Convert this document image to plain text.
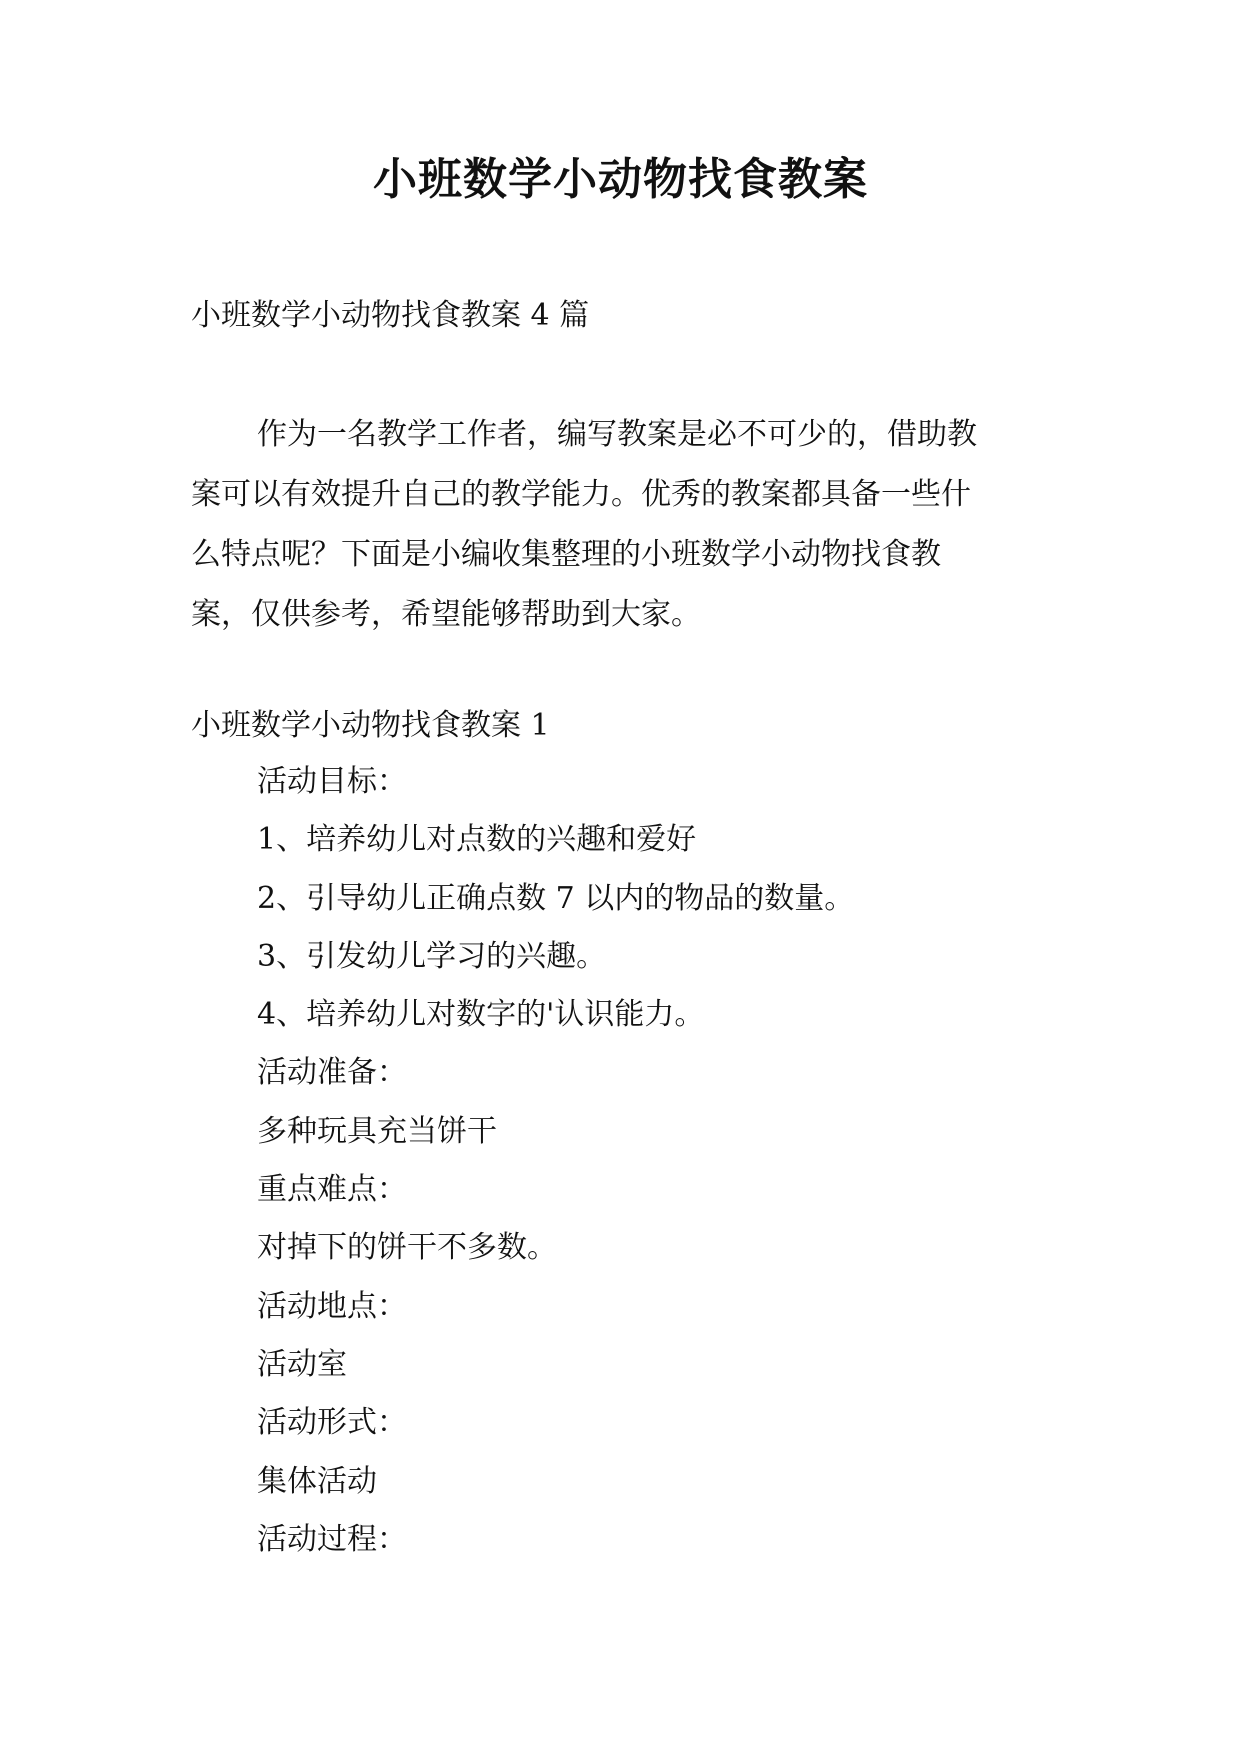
小班数学小动物找食教案

小班数学小动物找食教案 4 篇

作为一名教学工作者，编写教案是必不可少的，借助教
案可以有效提升自己的教学能力。优秀的教案都具备一些什
么特点呢？下面是小编收集整理的小班数学小动物找食教
案，仅供参考，希望能够帮助到大家。

小班数学小动物找食教案 1

活动目标：
1、培养幼儿对点数的兴趣和爱好
2、引导幼儿正确点数 7 以内的物品的数量。
3、引发幼儿学习的兴趣。
4、培养幼儿对数字的'认识能力。
活动准备：
多种玩具充当饼干
重点难点：
对掉下的饼干不多数。
活动地点：
活动室
活动形式：
集体活动
活动过程：
